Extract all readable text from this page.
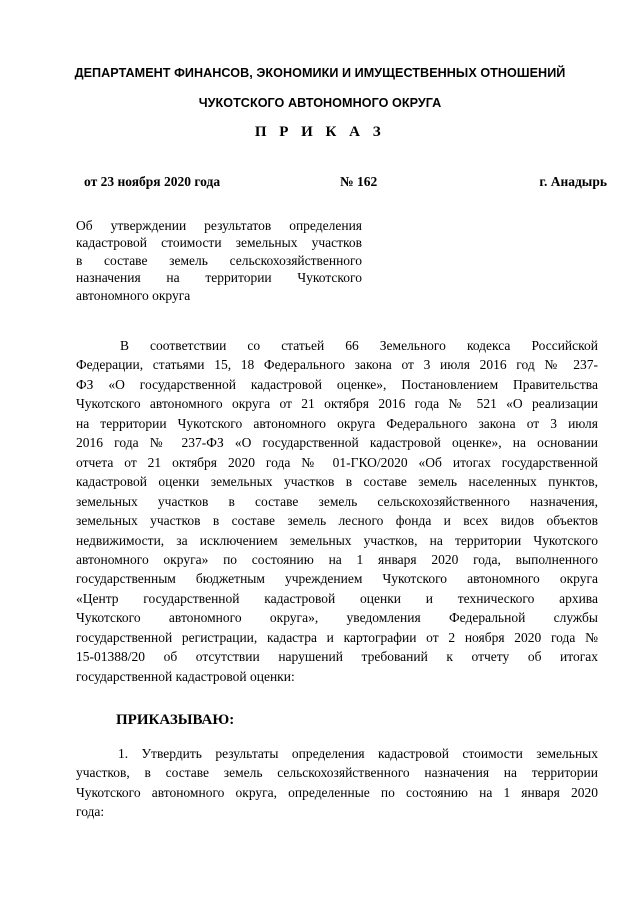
ДЕПАРТАМЕНТ ФИНАНСОВ, ЭКОНОМИКИ И ИМУЩЕСТВЕННЫХ ОТНОШЕНИЙ
ЧУКОТСКОГО АВТОНОМНОГО ОКРУГА
П Р И К А З
от 23 ноября 2020 года	№ 162	г. Анадырь
Об утверждении результатов определения
кадастровой стоимости земельных участков
в составе земель сельскохозяйственного
назначения на территории Чукотского
автономного округа
В соответствии со статьей 66 Земельного кодекса Российской
Федерации, статьями 15, 18 Федерального закона от 3 июля 2016 год № 237-
ФЗ «О государственной кадастровой оценке», Постановлением Правительства
Чукотского автономного округа от 21 октября 2016 года № 521 «О реализации
на территории Чукотского автономного округа Федерального закона от 3 июля
2016 года № 237-ФЗ «О государственной кадастровой оценке», на основании
отчета от 21 октября 2020 года № 01-ГКО/2020 «Об итогах государственной
кадастровой оценки земельных участков в составе земель населенных пунктов,
земельных участков в составе земель сельскохозяйственного назначения,
земельных участков в составе земель лесного фонда и всех видов объектов
недвижимости, за исключением земельных участков, на территории Чукотского
автономного округа» по состоянию на 1 января 2020 года, выполненного
государственным бюджетным учреждением Чукотского автономного округа
«Центр государственной кадастровой оценки и технического архива
Чукотского автономного округа», уведомления Федеральной службы
государственной регистрации, кадастра и картографии от 2 ноября 2020 года №
15-01388/20 об отсутствии нарушений требований к отчету об итогах
государственной кадастровой оценки:
ПРИКАЗЫВАЮ:
1. Утвердить результаты определения кадастровой стоимости земельных
участков, в составе земель сельскохозяйственного назначения на территории
Чукотского автономного округа, определенные по состоянию на 1 января 2020
года:
